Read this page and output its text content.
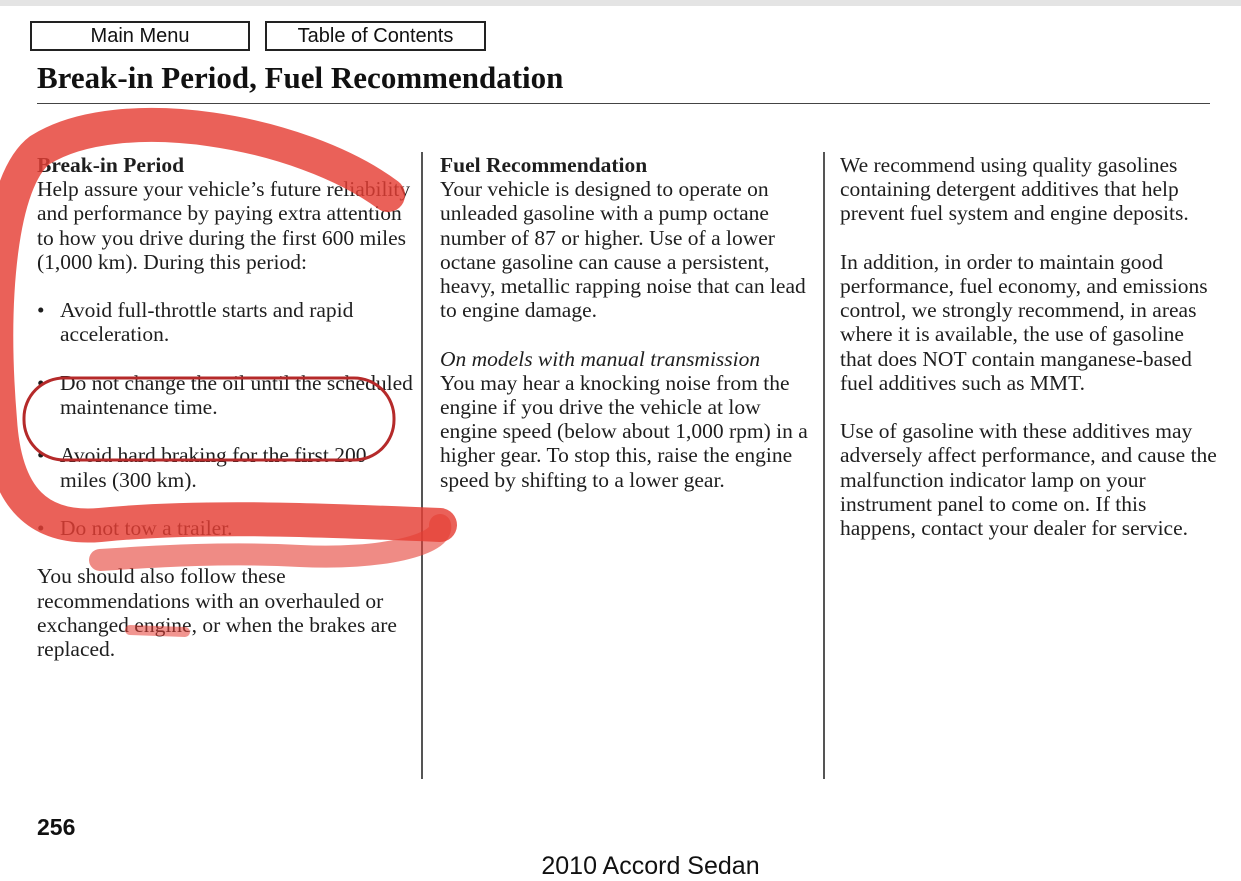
Main Menu	Table of Contents
Break-in Period, Fuel Recommendation

Break-in Period

Help assure your vehicle’s future reliability and performance by paying extra attention to how you drive during the first 600 miles (1,000 km). During this period:

• Avoid full-throttle starts and rapid acceleration.
• Do not change the oil until the scheduled maintenance time.
• Avoid hard braking for the first 200 miles (300 km).
• Do not tow a trailer.

You should also follow these recommendations with an overhauled or exchanged engine, or when the brakes are replaced.

Fuel Recommendation

Your vehicle is designed to operate on unleaded gasoline with a pump octane number of 87 or higher. Use of a lower octane gasoline can cause a persistent, heavy, metallic rapping noise that can lead to engine damage.

On models with manual transmission

You may hear a knocking noise from the engine if you drive the vehicle at low engine speed (below about 1,000 rpm) in a higher gear. To stop this, raise the engine speed by shifting to a lower gear.

We recommend using quality gasolines containing detergent additives that help prevent fuel system and engine deposits.

In addition, in order to maintain good performance, fuel economy, and emissions control, we strongly recommend, in areas where it is available, the use of gasoline that does NOT contain manganese-based fuel additives such as MMT.

Use of gasoline with these additives may adversely affect performance, and cause the malfunction indicator lamp on your instrument panel to come on. If this happens, contact your dealer for service.

256
2010 Accord Sedan
